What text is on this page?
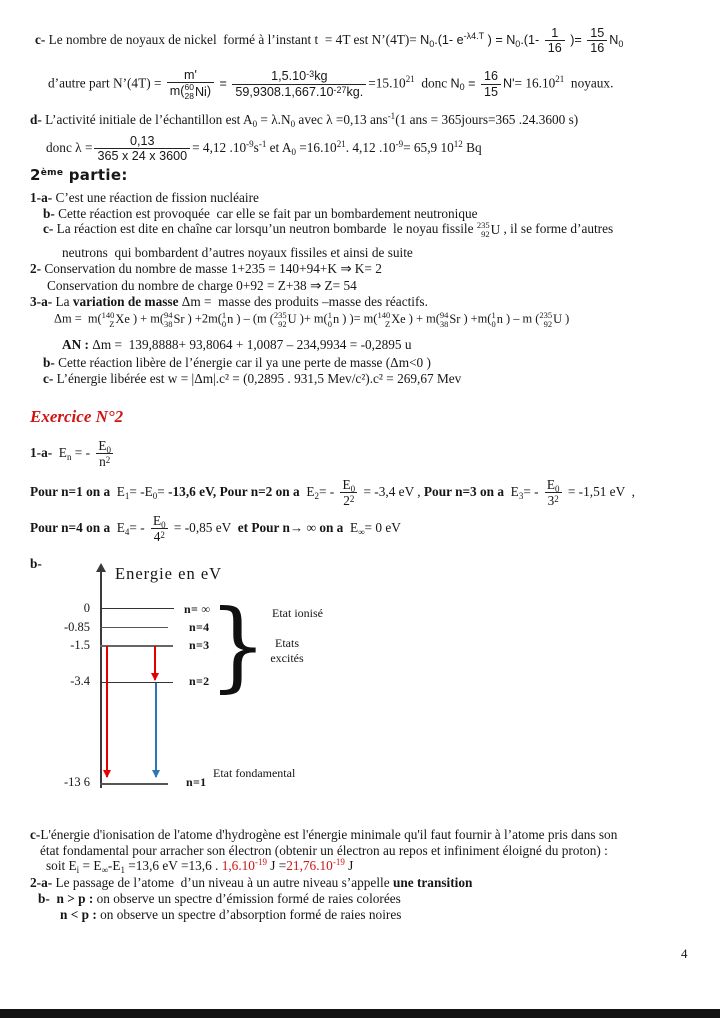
c- Le nombre de noyaux de nickel  formé à l’instant t  = 4T est N’(4T)= $N_0.(1-$ $e^{-\lambda 4.T}$ ) = $N_0.(1- \frac{1}{16}$ )= $\frac{15}{16} N_0$
d’autre part N’(4T) = m'
m( 60
28 Ni ) = $\frac{1,5.10^{-3}kg}{59,9308.1,667.10^{-27}kg.} =15.10^{21}$  donc $N_0 = \frac{16}{15} N'= 16.10^{21}$  noyaux.
d- L’activité initiale de l’échantillon est $A_0 = \lambda.N_0$ avec λ =0,13 ans$^{-1}$(1 ans = 365jours=365 .24.3600 s)
donc $\lambda = \frac{0,13}{365 x 24 x 3600} = 4,12$ $.10^{-9}s^{-1}$ et $A_0 =16.10^{21}$. 4,12 $.10^{-9}= 65,9$ $10^{12}$ Bq
2ème partie:
1-a- C’est une réaction de fission nucléaire
b- Cette réaction est provoquée  car elle se fait par un bombardement neutronique
c- La réaction est dite en chaîne car lorsqu’un neutron bombarde  le noyau fissile 235
92 U , il se forme d’autres
neutrons  qui bombardent d’autres noyaux fissiles et ainsi de suite
2- Conservation du nombre de masse 1+235 = 140+94+K ⇒ K= 2
Conservation du nombre de charge 0+92 = Z+38 ⇒ Z= 54
3-a- La variation de masse Δm =  masse des produits –masse des réactifs.
Δm =  m( 140
Z Xe ) + m( 94
38 Sr ) +2m( 1
0 n ) – (m ( 235
92 U )+ m( 1
0 n ) )= m( 140
Z Xe ) + m( 94
38 Sr ) +m( 1
0 n ) – m ( 235
92 U )
AN : Δm =  139,8888+ 93,8064 + 1,0087 – 234,9934 = -0,2895 u
b- Cette réaction libère de l’énergie car il ya une perte de masse (Δm<0 )
c- L’énergie libérée est w = |Δm|.c² = (0,2895 . 931,5 Mev/c²).c² = 269,67 Mev
Exercice N°2
1-a-  $E_n$ = - $\frac{E_0}{n^2}$
Pour n=1 on a  $E_1= -E_0= -13,6$ eV, Pour n=2 on a  $E_2= - \frac{E_0}{2^2} = -3,4$ eV , Pour n=3 on a  $E_3= - \frac{E_0}{3^2} = -1,51$ eV  ,
Pour n=4 on a  $E_4= - \frac{E_0}{4^2} = -0,85$ eV  et Pour n→ ∞ on a  $E_\infty= 0$ eV
b-
c-L'énergie d'ionisation de l'atome d'hydrogène est l'énergie minimale qu'il faut fournir à l’atome pris dans son
état fondamental pour arracher son électron (obtenir un électron au repos et infiniment éloigné du proton) :
soit $E_i = E_\infty-E_1 =13,6$ eV =13,6 . $1,6.10^{-19}$ $J =21,76.10^{-19}$ J
2-a- Le passage de l’atome  d’un niveau à un autre niveau s’appelle une transition
b-  n > p : on observe un spectre d’émission formé de raies colorées
n < p : on observe un spectre d’absorption formé de raies noires
Energie en eV
0
-0.85
-1.5
-3.4
-13 6
n= ∞
n=4
n=3
n=2
n=1
} Etat ionisé
Etats
excités
Etat fondamental
4
